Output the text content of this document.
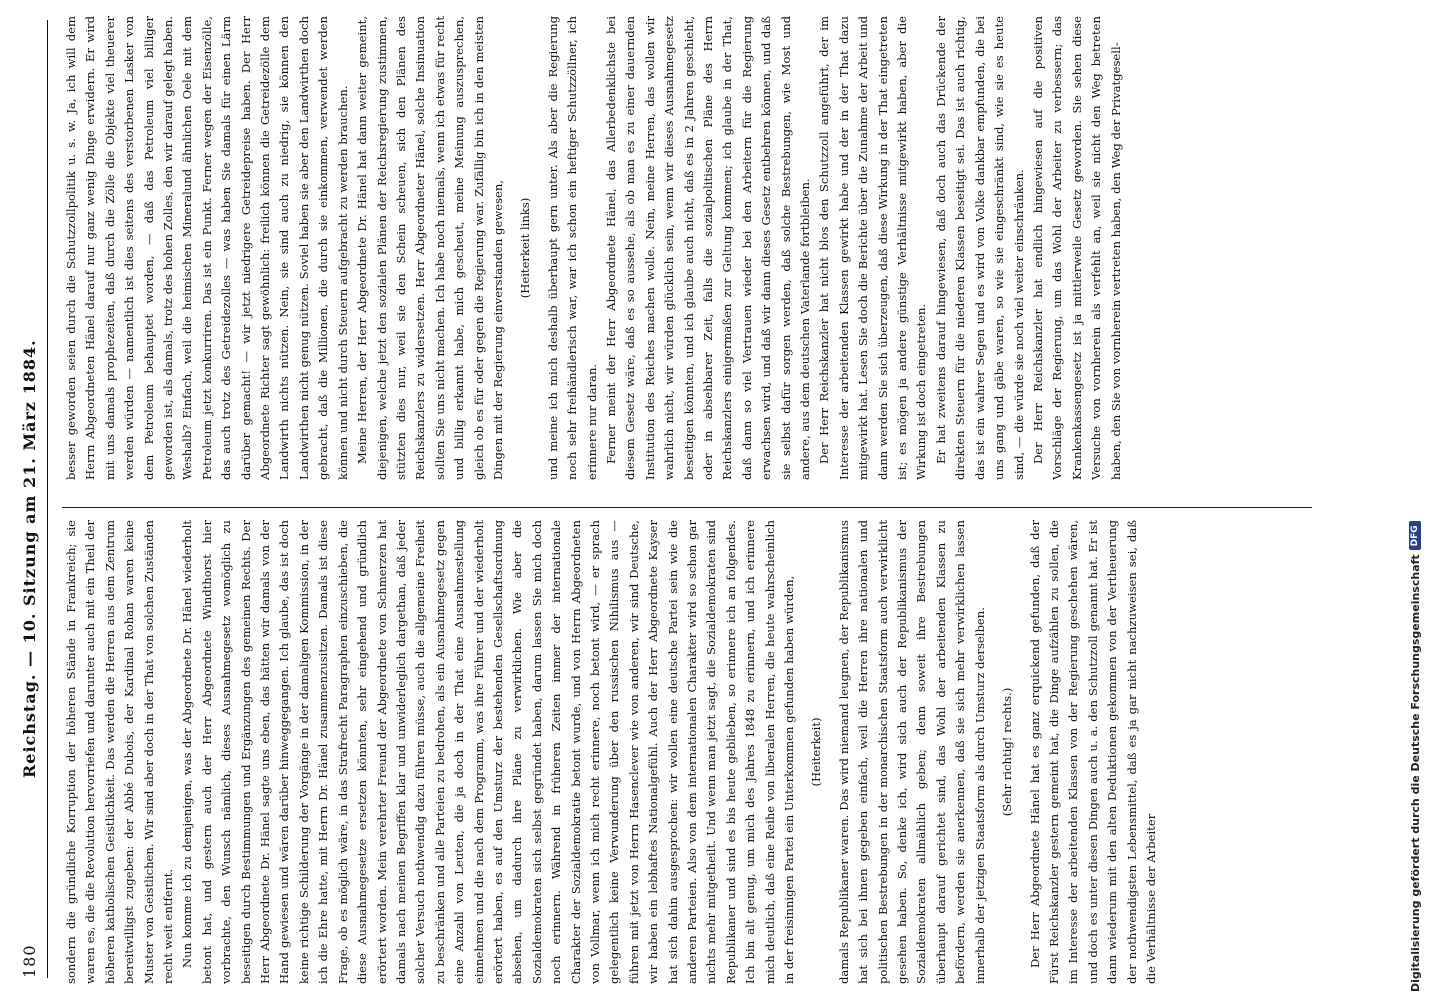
180
Reichstag. — 10. Sitzung am 21. März 1884. sondern die gründliche Korruption der höheren Stände in Frankreich; sie waren es, die die Revolution hervorriefen und darunter auch mit ein Theil der höheren katholischen Geistlichkeit. Das werden die Herren aus dem Zentrum bereitwilligst zugeben: der Abbé Dubois, der Kardinal Rohan waren keine Muster von Geistlichen. Wir sind aber doch in der That von solchen Zuständen recht weit entfernt. Nun komme ich zu demjenigen, was der Abgeordnete Dr. Hänel wiederholt betont hat, und gestern auch der Herr Abgeordnete Windthorst hier vorbrachte, den Wunsch nämlich, dieses Ausnahmegesetz womöglich zu beseitigen durch Bestimmungen und Ergänzungen des gemeinen Rechts. Der Herr Abgeordnete Dr. Hänel sagte uns eben, das hätten wir damals von der Hand gewiesen und wären darüber hinweggegangen. Ich glaube, das ist doch keine richtige Schilderung der Vorgänge in der damaligen Kommission, in der ich die Ehre hatte, mit Herrn Dr. Hänel zusammenzusitzen. Damals ist diese Frage, ob es möglich wäre, in das Strafrecht Paragraphen einzuschieben, die diese Ausnahmegesetze ersetzen könnten, sehr eingehend und gründlich erörtert worden. Mein verehrter Freund der Abgeordnete von Schmerzen hat damals nach meinen Begriffen klar und unwiderleglich dargethan, daß jeder solcher Versuch nothwendig dazu führen müsse, auch die allgemeine Freiheit zu beschränken und alle Parteien zu bedrohen, als ein Ausnahmegesetz gegen eine Anzahl von Leuten, die ja doch in der That eine Ausnahmestellung einnehmen und die nach dem Programm, was ihre Führer und der wiederholt erörtert haben, es auf den Umsturz der bestehenden Gesellschaftsordnung absehen, um dadurch ihre Pläne zu verwirklichen. Wie aber die Sozialdemokraten sich selbst gegründet haben, darum lassen Sie mich doch noch erinnern. Während in früheren Zeiten immer der internationale Charakter der Sozialdemokratie betont wurde, und von Herrn Abgeordneten von Vollmar, wenn ich mich recht erinnere, noch betont wird, — er sprach gelegentlich keine Verwunderung über den russischen Nihilismus aus — führen mit jetzt von Herrn Hasenclever wie von anderen, wir sind Deutsche, wir haben ein lebhaftes Nationalgefühl. Auch der Herr Abgeordnete Kayser hat sich dahin ausgesprochen: wir wollen eine deutsche Partei sein wie die anderen Parteien. Also von dem internationalen Charakter wird so schon gar nichts mehr mitgetheilt. Und wenn man jetzt sagt, die Sozialdemokraten sind Republikaner und sind es bis heute geblieben, so erinnere ich an folgendes. Ich bin alt genug, um mich des Jahres 1848 zu erinnern, und ich erinnere mich deutlich, daß eine Reihe von liberalen Herren, die heute wahrscheinlich in der freisinnigen Partei ein Unterkommen gefunden haben würden, (Heiterkeit) damals Republikaner waren. Das wird niemand leugnen, der Republikanismus hat sich bei ihnen gegeben einfach, weil die Herren ihre nationalen und politischen Bestrebungen in der monarchischen Staatsform auch verwirklicht gesehen haben. So, denke ich, wird sich auch der Republikanismus der Sozialdemokraten allmählich geben; denn soweit ihre Bestrebungen überhaupt darauf gerichtet sind, das Wohl der arbeitenden Klassen zu befördern, werden sie anerkennen, daß sie sich mehr verwirklichen lassen innerhalb der jetzigen Staatsform als durch Umsturz derselben. (Sehr richtig! rechts.) Der Herr Abgeordnete Hänel hat es ganz erquickend gefunden, daß der Fürst Reichskanzler gestern gemeint hat, die Dinge aufzählen zu sollen, die im Interesse der arbeitenden Klassen von der Regierung geschehen wären, und doch es unter diesen Dingen auch u. a. den Schutzzoll genannt hat. Er ist dann wiederum mit den alten Deduktionen gekommen von der Vertheuerung der nothwendigsten Lebensmittel, daß es ja gar nicht nachzuweisen sei, daß die Verhältnisse der Arbeiter

besser geworden seien durch die Schutzzollpolitik u. s. w. Ja, ich will dem Herrn Abgeordneten Hänel darauf nur ganz wenig Dinge erwidern. Er wird mit uns damals prophezeiten, daß durch die Zölle die Objekte viel theuerer werden würden — namentlich ist dies seitens des verstorbenen Lasker von dem Petroleum behauptet worden, — daß das Petroleum viel billiger geworden ist, als damals, trotz des hohen Zolles, den wir darauf gelegt haben. Weshalb? Einfach, weil die heimischen Mineralund ähnlichen Oele mit dem Petroleum jetzt konkurriren. Das ist ein Punkt. Ferner wegen der Eisenzölle, das auch trotz des Getreidezolles — was haben Sie damals für einen Lärm darüber gemacht! — wir jetzt niedrigere Getreidepreise haben. Der Herr Abgeordnete Richter sagt gewöhnlich: freilich können die Getreidezölle dem Landwirth nichts nützen. Nein, sie sind auch zu niedrig, sie können den Landwirthen nicht genug nützen. Soviel haben sie aber den Landwirthen doch gebracht, daß die Millionen, die durch sie einkommen, verwendet werden können und nicht durch Steuern aufgebracht zu werden brauchen. Meine Herren, der Herr Abgeordnete Dr. Hänel hat dann weiter gemeint, diejenigen, welche jetzt den sozialen Plänen der Reichsregierung zustimmen, stützten dies nur, weil sie den Schein scheuen, sich den Plänen des Reichskanzlers zu widersetzen. Herr Abgeordneter Hänel, solche Insinuation sollten Sie uns nicht machen. Ich habe noch niemals, wenn ich etwas für recht und billig erkannt habe, mich gescheut, meine Meinung auszusprechen, gleich ob es für oder gegen die Regierung war. Zufällig bin ich in den meisten Dingen mit der Regierung einverstanden gewesen, (Heiterkeit links) und meine ich mich deshalb überhaupt gern unter. Als aber die Regierung noch sehr freihändlerisch war, war ich schon ein heftiger Schutzzöllner, ich erinnere nur daran. Ferner meint der Herr Abgeordnete Hänel, das Allerbedenklichste bei diesem Gesetz wäre, daß es so aussehe, als ob man es zu einer dauernden Institution des Reiches machen wolle. Nein, meine Herren, das wollen wir wahrlich nicht, wir würden glücklich sein, wenn wir dieses Ausnahmegesetz beseitigen könnten, und ich glaube auch nicht, daß es in 2 Jahren geschieht, oder in absehbarer Zeit, falls die sozialpolitischen Pläne des Herrn Reichskanzlers einigermaßen zur Geltung kommen; ich glaube in der That, daß dann so viel Vertrauen wieder bei den Arbeitern für die Regierung erwachsen wird, und daß wir dann dieses Gesetz entbehren können, und daß sie selbst dafür sorgen werden, daß solche Bestrebungen, wie Most und andere, aus dem deutschen Vaterlande fortbleiben. Der Herr Reichskanzler hat nicht blos den Schutzzoll angeführt, der im Interesse der arbeitenden Klassen gewirkt habe und der in der That dazu mitgewirkt hat. Lesen Sie doch die Berichte über die Zunahme der Arbeit und dann werden Sie sich überzeugen, daß diese Wirkung in der That eingetreten ist; es mögen ja andere günstige Verhältnisse mitgewirkt haben, aber die Wirkung ist doch eingetreten. Er hat zweitens darauf hingewiesen, daß doch auch das Drückende der direkten Steuern für die niederen Klassen beseitigt sei. Das ist auch richtig, das ist ein wahrer Segen und es wird von Volke dankbar empfunden, die bei uns gang und gäbe waren, so wie sie eingeschränkt sind, wie sie es heute sind, — die würde sie noch viel weiter einschränken. Der Herr Reichskanzler hat endlich hingewiesen auf die positiven Vorschläge der Regierung, um das Wohl der Arbeiter zu verbessern; das Krankenkassengesetz ist ja mittlerweile Gesetz geworden. Sie sehen diese Versuche von vornherein als verfehlt an, weil sie nicht den Weg betreten haben, den Sie von vornherein vertreten haben, den Weg der Privatgesell-

Digitalisierung gefördert durch die Deutsche Forschungsgemeinschaft
DFG
